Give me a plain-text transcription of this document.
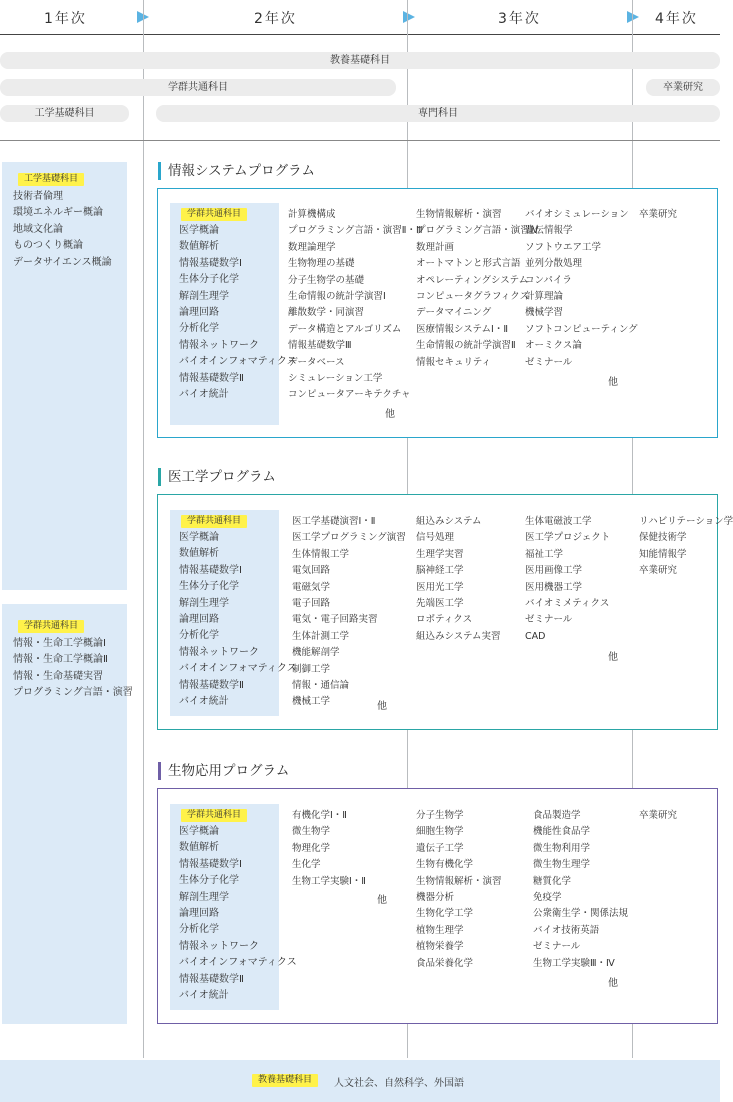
1年次	2年次	3年次	4年次
教養基礎科目
学群共通科目	卒業研究
工学基礎科目	専門科目
工学基礎科目
技術者倫理
環境エネルギー概論
地域文化論
ものつくり概論
データサイエンス概論
学群共通科目
情報・生命工学概論Ⅰ
情報・生命工学概論Ⅱ
情報・生命基礎実習
プログラミング言語・演習
情報システムプログラム
学群共通科目
医学概論
数値解析
情報基礎数学Ⅰ
生体分子化学
解剖生理学
論理回路
分析化学
情報ネットワーク
バイオインフォマティクス
情報基礎数学Ⅱ
バイオ統計
計算機構成
プログラミング言語・演習Ⅱ・Ⅲ
数理論理学
生物物理の基礎
分子生物学の基礎
生命情報の統計学演習Ⅰ
離散数学・同演習
データ構造とアルゴリズム
情報基礎数学Ⅲ
データベース
シミュレーション工学
コンピュータアーキテクチャ
他
生物情報解析・演習
プログラミング言語・演習Ⅳ
数理計画
オートマトンと形式言語
オペレーティングシステム
コンピュータグラフィクス
データマイニング
医療情報システムⅠ・Ⅱ
生命情報の統計学演習Ⅱ
情報セキュリティ
バイオシミュレーション
遺伝情報学
ソフトウエア工学
並列分散処理
コンパイラ
計算理論
機械学習
ソフトコンピューティング
オーミクス論
ゼミナール
他
卒業研究
医工学プログラム
学群共通科目
医学概論
数値解析
情報基礎数学Ⅰ
生体分子化学
解剖生理学
論理回路
分析化学
情報ネットワーク
バイオインフォマティクス
情報基礎数学Ⅱ
バイオ統計
医工学基礎演習Ⅰ・Ⅱ
医工学プログラミング演習
生体情報工学
電気回路
電磁気学
電子回路
電気・電子回路実習
生体計測工学
機能解剖学
制御工学
情報・通信論
機械工学	他
組込みシステム
信号処理
生理学実習
脳神経工学
医用光工学
先端医工学
ロボティクス
組込みシステム実習
生体電磁波工学
医工学プロジェクト
福祉工学
医用画像工学
医用機器工学
バイオミメティクス
ゼミナール
CAD
他
リハビリテーション学
保健技術学
知能情報学
卒業研究
生物応用プログラム
学群共通科目
医学概論
数値解析
情報基礎数学Ⅰ
生体分子化学
解剖生理学
論理回路
分析化学
情報ネットワーク
バイオインフォマティクス
情報基礎数学Ⅱ
バイオ統計
有機化学Ⅰ・Ⅱ
微生物学
物理化学
生化学
生物工学実験Ⅰ・Ⅱ
他
分子生物学
細胞生物学
遺伝子工学
生物有機化学
生物情報解析・演習
機器分析
生物化学工学
植物生理学
植物栄養学
食品栄養化学
食品製造学
機能性食品学
微生物利用学
微生物生理学
糖質化学
免疫学
公衆衛生学・関係法規
バイオ技術英語
ゼミナール
生物工学実験Ⅲ・Ⅳ
他
卒業研究
教養基礎科目	人文社会、自然科学、外国語
